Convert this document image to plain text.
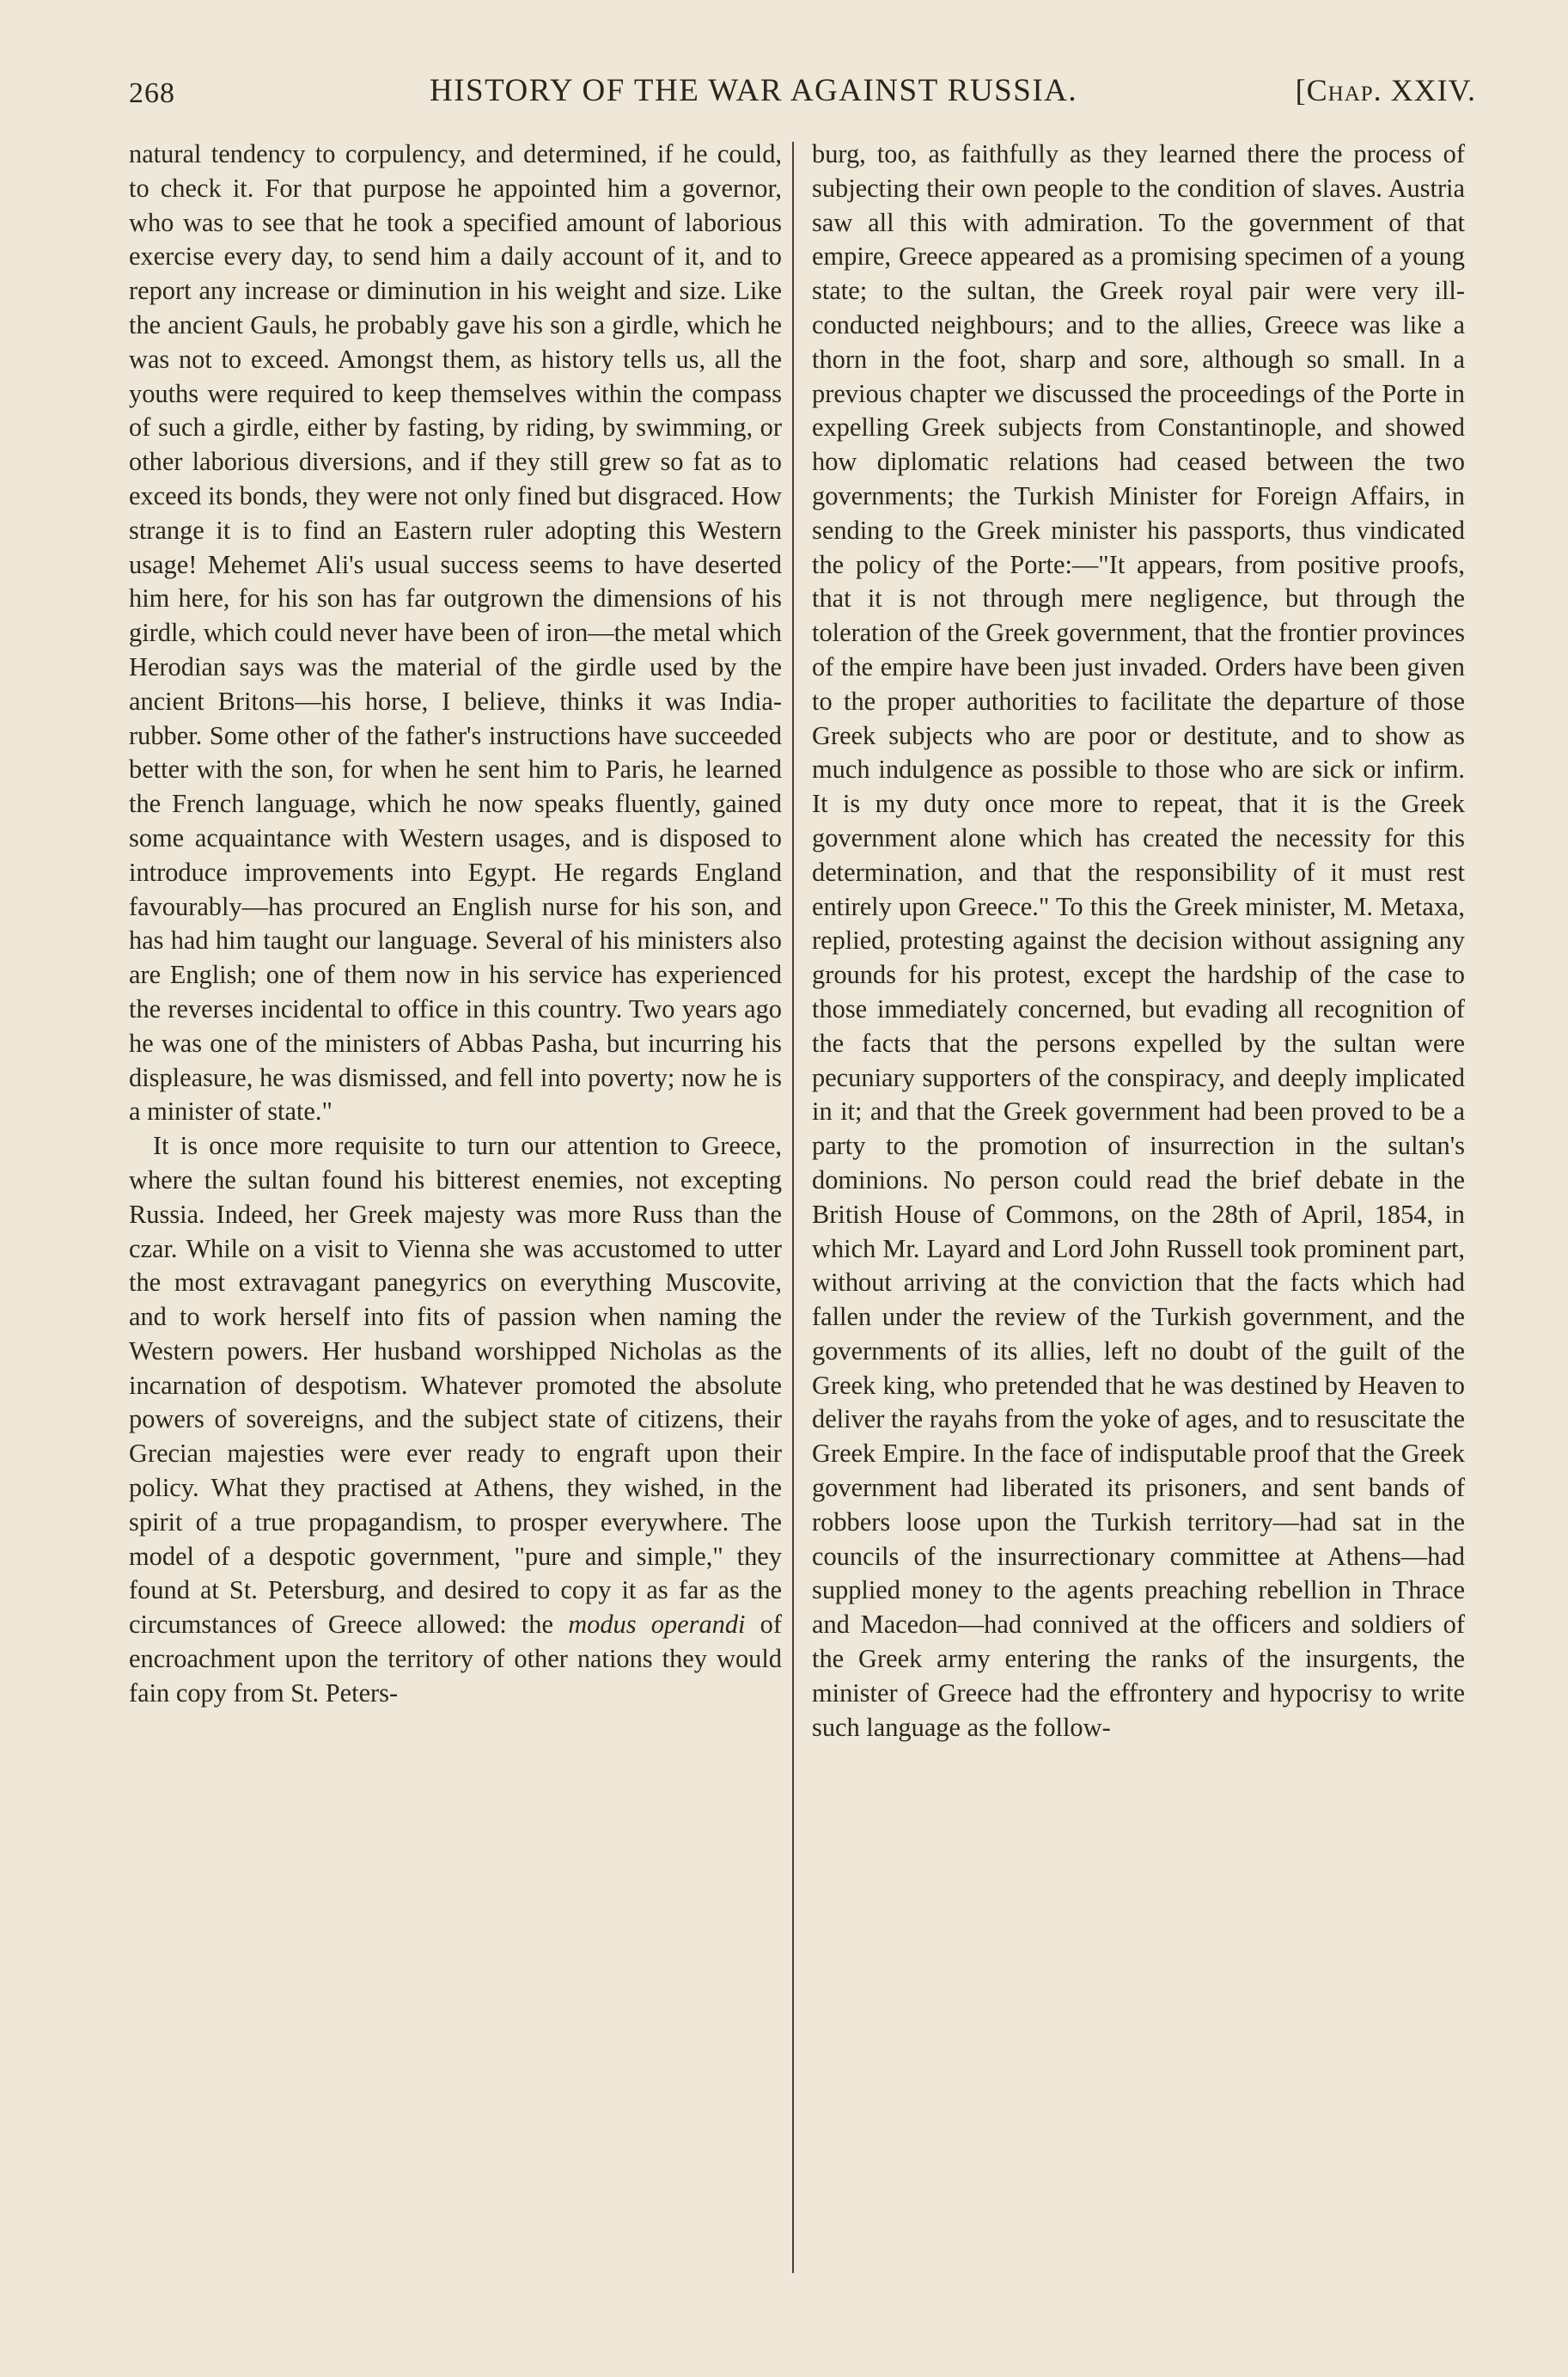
268	HISTORY OF THE WAR AGAINST RUSSIA.	[Chap. XXIV.

natural tendency to corpulency, and determined, if he could, to check it. For that purpose he appointed him a governor, who was to see that he took a specified amount of laborious exercise every day, to send him a daily account of it, and to report any increase or diminution in his weight and size. Like the ancient Gauls, he probably gave his son a girdle, which he was not to exceed. Amongst them, as history tells us, all the youths were required to keep themselves within the compass of such a girdle, either by fasting, by riding, by swimming, or other laborious diversions, and if they still grew so fat as to exceed its bonds, they were not only fined but disgraced. How strange it is to find an Eastern ruler adopting this Western usage! Mehemet Ali's usual success seems to have deserted him here, for his son has far outgrown the dimensions of his girdle, which could never have been of iron—the metal which Herodian says was the material of the girdle used by the ancient Britons—his horse, I believe, thinks it was India-rubber. Some other of the father's instructions have succeeded better with the son, for when he sent him to Paris, he learned the French language, which he now speaks fluently, gained some acquaintance with Western usages, and is disposed to introduce improvements into Egypt. He regards England favourably—has procured an English nurse for his son, and has had him taught our language. Several of his ministers also are English; one of them now in his service has experienced the reverses incidental to office in this country. Two years ago he was one of the ministers of Abbas Pasha, but incurring his displeasure, he was dismissed, and fell into poverty; now he is a minister of state."

It is once more requisite to turn our attention to Greece, where the sultan found his bitterest enemies, not excepting Russia. Indeed, her Greek majesty was more Russ than the czar. While on a visit to Vienna she was accustomed to utter the most extravagant panegyrics on everything Muscovite, and to work herself into fits of passion when naming the Western powers. Her husband worshipped Nicholas as the incarnation of despotism. Whatever promoted the absolute powers of sovereigns, and the subject state of citizens, their Grecian majesties were ever ready to engraft upon their policy. What they practised at Athens, they wished, in the spirit of a true propagandism, to prosper everywhere. The model of a despotic government, "pure and simple," they found at St. Petersburg, and desired to copy it as far as the circumstances of Greece allowed: the modus operandi of encroachment upon the territory of other nations they would fain copy from St. Peters-

burg, too, as faithfully as they learned there the process of subjecting their own people to the condition of slaves. Austria saw all this with admiration. To the government of that empire, Greece appeared as a promising specimen of a young state; to the sultan, the Greek royal pair were very ill-conducted neighbours; and to the allies, Greece was like a thorn in the foot, sharp and sore, although so small. In a previous chapter we discussed the proceedings of the Porte in expelling Greek subjects from Constantinople, and showed how diplomatic relations had ceased between the two governments; the Turkish Minister for Foreign Affairs, in sending to the Greek minister his passports, thus vindicated the policy of the Porte:—"It appears, from positive proofs, that it is not through mere negligence, but through the toleration of the Greek government, that the frontier provinces of the empire have been just invaded. Orders have been given to the proper authorities to facilitate the departure of those Greek subjects who are poor or destitute, and to show as much indulgence as possible to those who are sick or infirm. It is my duty once more to repeat, that it is the Greek government alone which has created the necessity for this determination, and that the responsibility of it must rest entirely upon Greece." To this the Greek minister, M. Metaxa, replied, protesting against the decision without assigning any grounds for his protest, except the hardship of the case to those immediately concerned, but evading all recognition of the facts that the persons expelled by the sultan were pecuniary supporters of the conspiracy, and deeply implicated in it; and that the Greek government had been proved to be a party to the promotion of insurrection in the sultan's dominions. No person could read the brief debate in the British House of Commons, on the 28th of April, 1854, in which Mr. Layard and Lord John Russell took prominent part, without arriving at the conviction that the facts which had fallen under the review of the Turkish government, and the governments of its allies, left no doubt of the guilt of the Greek king, who pretended that he was destined by Heaven to deliver the rayahs from the yoke of ages, and to resuscitate the Greek Empire. In the face of indisputable proof that the Greek government had liberated its prisoners, and sent bands of robbers loose upon the Turkish territory—had sat in the councils of the insurrectionary committee at Athens—had supplied money to the agents preaching rebellion in Thrace and Macedon—had connived at the officers and soldiers of the Greek army entering the ranks of the insurgents, the minister of Greece had the effrontery and hypocrisy to write such language as the follow-
